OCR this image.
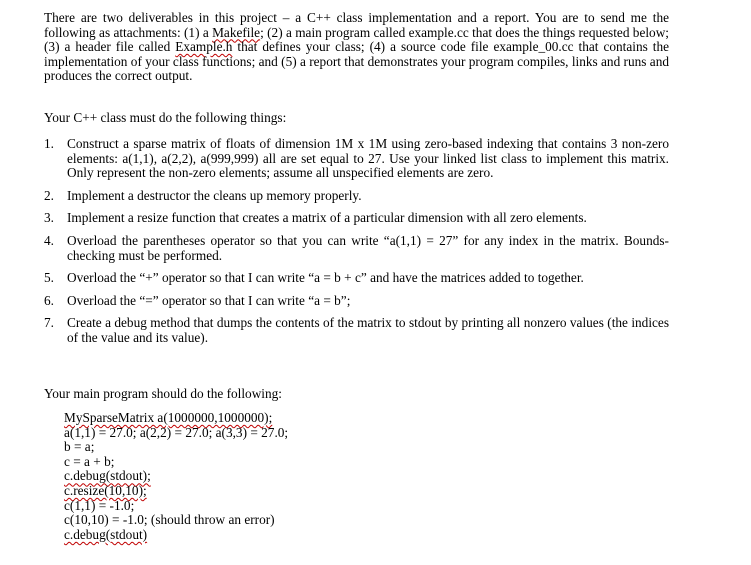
There are two deliverables in this project – a C++ class implementation and a report. You are to send me the following as attachments: (1) a Makefile; (2) a main program called example.cc that does the things requested below; (3) a header file called Example.h that defines your class; (4) a source code file example_00.cc that contains the implementation of your class functions; and (5) a report that demonstrates your program compiles, links and runs and produces the correct output.

Your C++ class must do the following things:

1. Construct a sparse matrix of floats of dimension 1M x 1M using zero-based indexing that contains 3 non-zero elements: a(1,1), a(2,2), a(999,999) all are set equal to 27. Use your linked list class to implement this matrix. Only represent the non-zero elements; assume all unspecified elements are zero.
2. Implement a destructor the cleans up memory properly.
3. Implement a resize function that creates a matrix of a particular dimension with all zero elements.
4. Overload the parentheses operator so that you can write “a(1,1) = 27” for any index in the matrix. Bounds-checking must be performed.
5. Overload the “+” operator so that I can write “a = b + c” and have the matrices added to together.
6. Overload the “=” operator so that I can write “a = b”;
7. Create a debug method that dumps the contents of the matrix to stdout by printing all nonzero values (the indices of the value and its value).

Your main program should do the following:

MySparseMatrix a(1000000,1000000);
a(1,1) = 27.0; a(2,2) = 27.0; a(3,3) = 27.0;
b = a;
c = a + b;
c.debug(stdout);
c.resize(10,10);
c(1,1) = -1.0;
c(10,10) = -1.0; (should throw an error)
c.debug(stdout)
